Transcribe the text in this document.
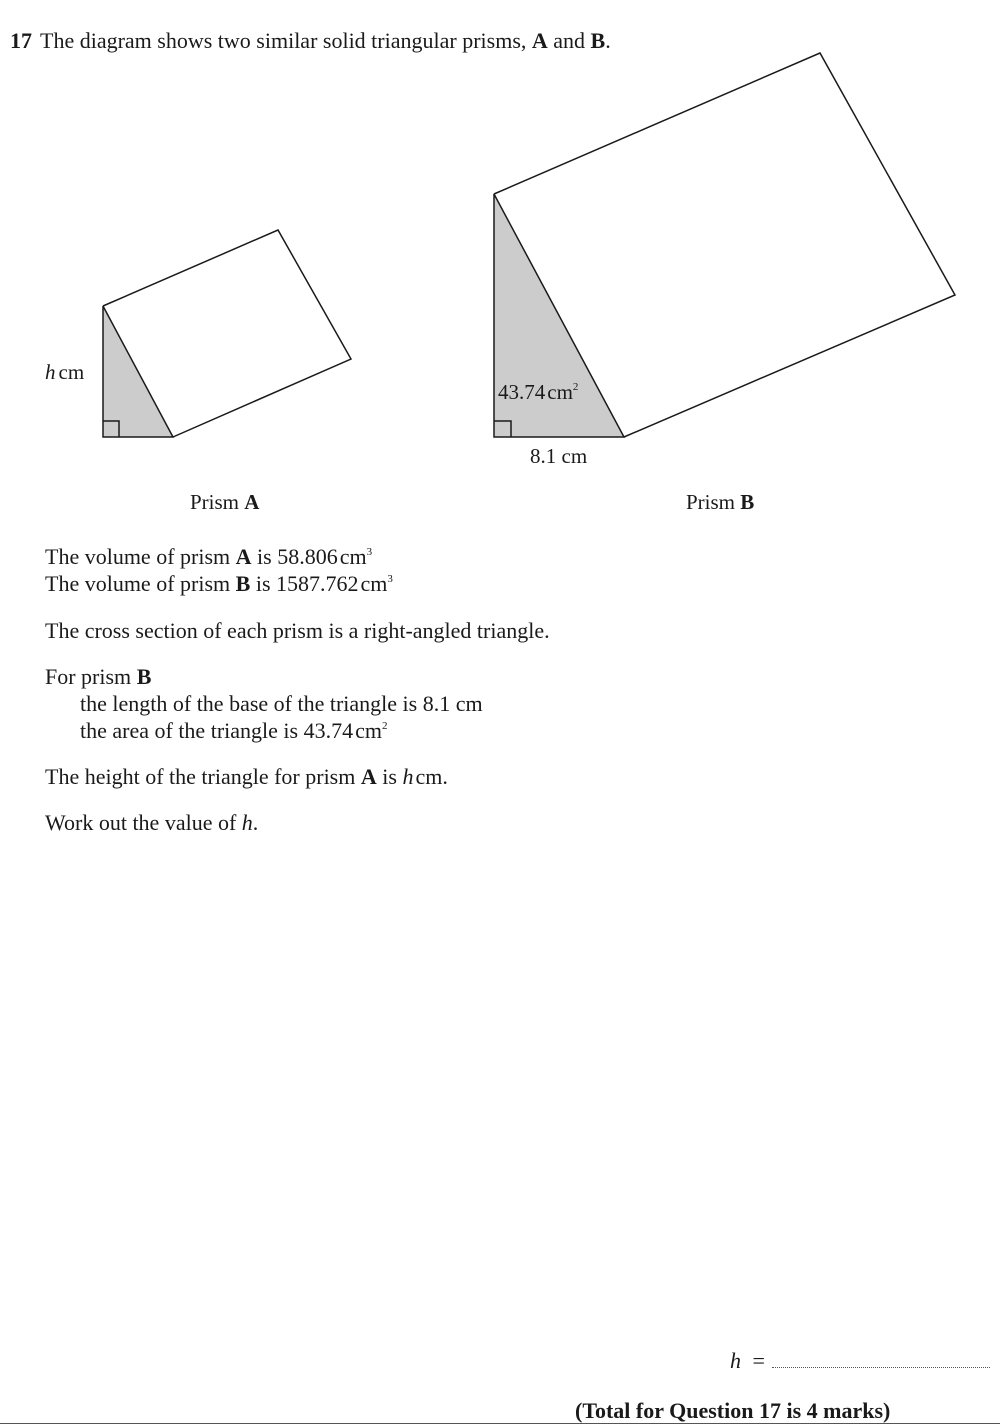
17 The diagram shows two similar solid triangular prisms, A and B.
h cm
$43.74cm^2$
8.1 cm
Prism A	Prism B
The volume of prism A is $58.806cm^3$
The volume of prism B is $1587.762cm^3$
The cross section of each prism is a right-angled triangle.
For prism B
the length of the base of the triangle is 8.1 cm
the area of the triangle is $43.74cm^2$
The height of the triangle for prism A is hcm.
Work out the value of h.
h =
(Total for Question 17 is 4 marks)
